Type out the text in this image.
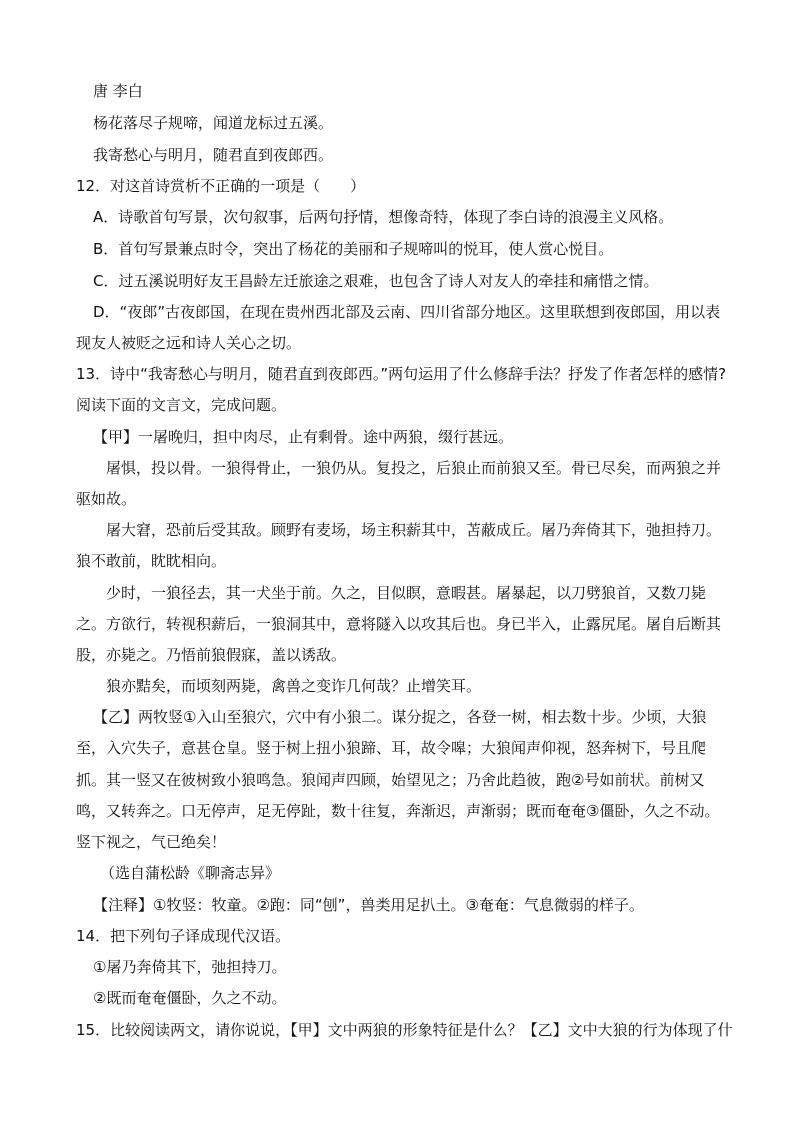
唐 李白
杨花落尽子规啼，闻道龙标过五溪。
我寄愁心与明月，随君直到夜郎西。
12．对这首诗赏析不正确的一项是（　　）
A．诗歌首句写景，次句叙事，后两句抒情，想像奇特，体现了李白诗的浪漫主义风格。
B．首句写景兼点时令，突出了杨花的美丽和子规啼叫的悦耳，使人赏心悦目。
C．过五溪说明好友王昌龄左迁旅途之艰难，也包含了诗人对友人的牵挂和痛惜之情。
D．“夜郎”古夜郎国，在现在贵州西北部及云南、四川省部分地区。这里联想到夜郎国，用以表
现友人被贬之远和诗人关心之切。
13．诗中“我寄愁心与明月，随君直到夜郎西。”两句运用了什么修辞手法？抒发了作者怎样的感情?
阅读下面的文言文，完成问题。
【甲】一屠晚归，担中肉尽，止有剩骨。途中两狼，缀行甚远。
屠惧，投以骨。一狼得骨止，一狼仍从。复投之，后狼止而前狼又至。骨已尽矣，而两狼之并
驱如故。
屠大窘，恐前后受其敌。顾野有麦场，场主积薪其中，苫蔽成丘。屠乃奔倚其下，弛担持刀。
狼不敢前，眈眈相向。
少时，一狼径去，其一犬坐于前。久之，目似瞑，意暇甚。屠暴起，以刀劈狼首，又数刀毙
之。方欲行，转视积薪后，一狼洞其中，意将隧入以攻其后也。身已半入，止露尻尾。屠自后断其
股，亦毙之。乃悟前狼假寐，盖以诱敌。
狼亦黠矣，而顷刻两毙，禽兽之变诈几何哉？止增笑耳。
【乙】两牧竖①入山至狼穴，穴中有小狼二。谋分捉之，各登一树，相去数十步。少顷，大狼
至，入穴失子，意甚仓皇。竖于树上扭小狼蹄、耳，故令嗥；大狼闻声仰视，怒奔树下，号且爬
抓。其一竖又在彼树致小狼鸣急。狼闻声四顾，始望见之；乃舍此趋彼，跑②号如前状。前树又
鸣，又转奔之。口无停声，足无停趾，数十往复，奔渐迟，声渐弱；既而奄奄③僵卧，久之不动。
竖下视之，气已绝矣！
（选自蒲松龄《聊斋志异》
【注释】①牧竖：牧童。②跑：同“刨”，兽类用足扒土。③奄奄：气息微弱的样子。
14．把下列句子译成现代汉语。
①屠乃奔倚其下，弛担持刀。
②既而奄奄僵卧，久之不动。
15．比较阅读两文，请你说说，【甲】文中两狼的形象特征是什么？【乙】文中大狼的行为体现了什
